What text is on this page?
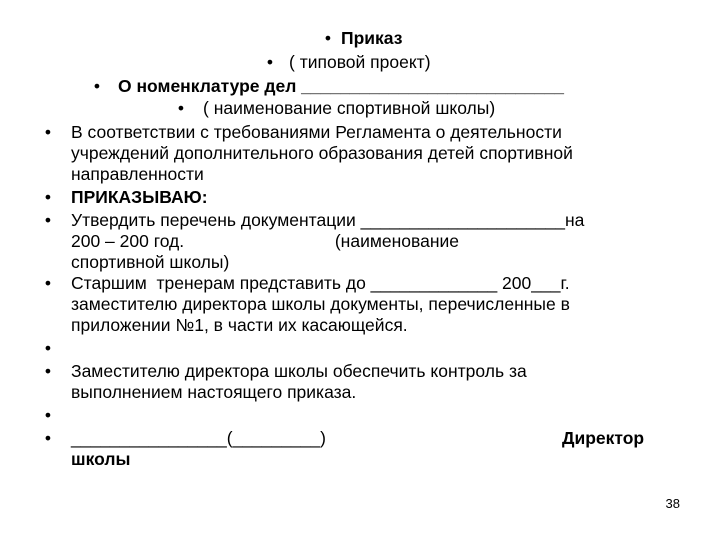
• Приказ
• ( типовой проект)
• О номенклатуре дел ___________________________
• ( наименование спортивной школы)
• В соответствии с требованиями Регламента о деятельности
учреждений дополнительного образования детей спортивной
направленности
• ПРИКАЗЫВАЮ:
• Утвердить перечень документации _____________________на
200 – 200 год.                               (наименование
спортивной школы)
• Старшим  тренерам представить до _____________ 200___г.
заместителю директора школы документы, перечисленные в
приложении №1, в части их касающейся.
•
• Заместителю директора школы обеспечить контроль за
выполнением настоящего приказа.
•
• ________________(_________)	Директор
школы
38
